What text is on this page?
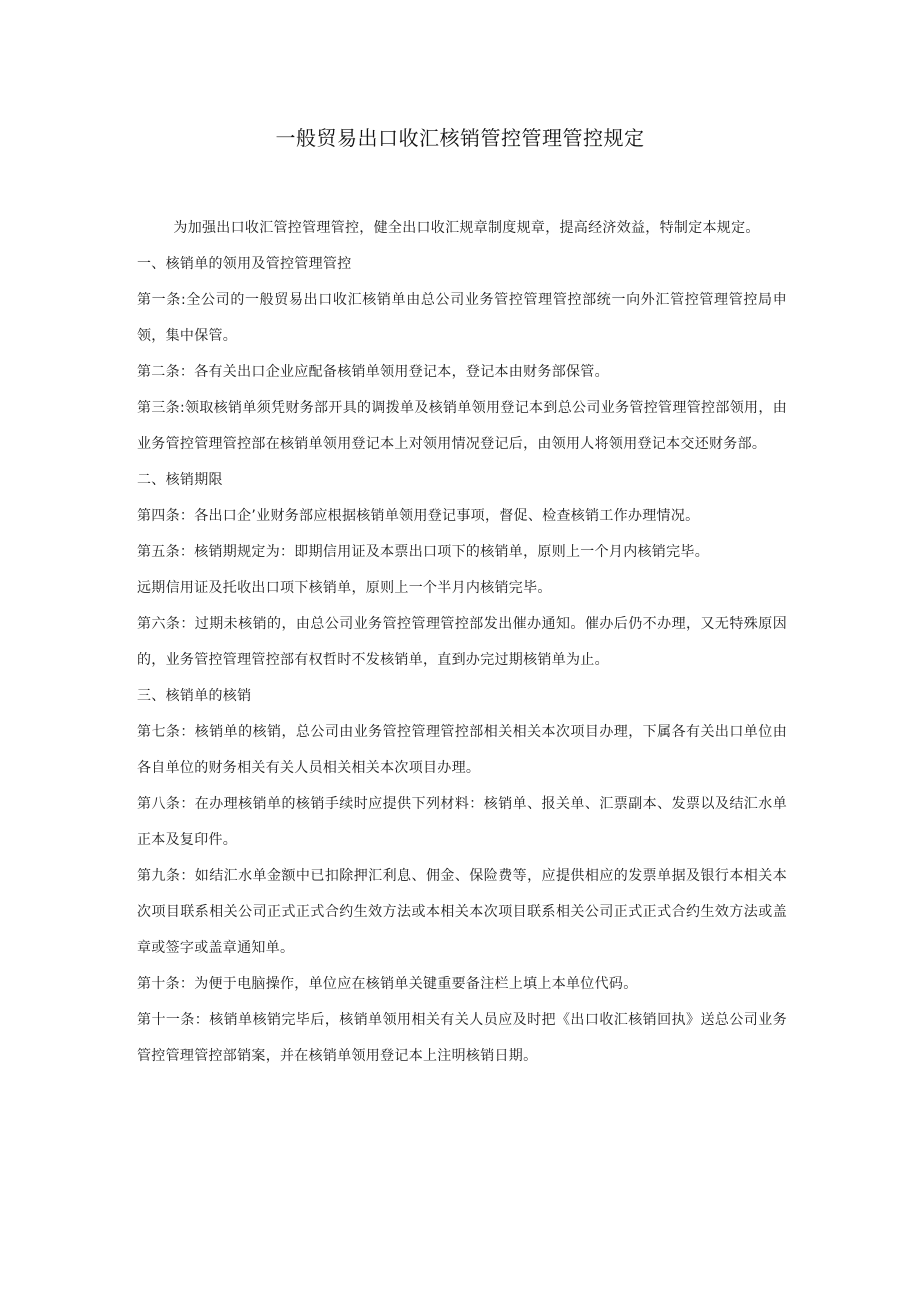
一般贸易出口收汇核销管控管理管控规定

为加强出口收汇管控管理管控，健全出口收汇规章制度规章，提高经济效益，特制定本规定。

一、核销单的领用及管控管理管控

第一条:全公司的一般贸易出口收汇核销单由总公司业务管控管理管控部统一向外汇管控管理管控局申领，集中保管。

第二条：各有关出口企业应配备核销单领用登记本，登记本由财务部保管。

第三条:领取核销单须凭财务部开具的调拨单及核销单领用登记本到总公司业务管控管理管控部领用，由业务管控管理管控部在核销单领用登记本上对领用情况登记后，由领用人将领用登记本交还财务部。

二、核销期限

第四条：各出口企’业财务部应根据核销单领用登记事项，督促、检查核销工作办理情况。

第五条：核销期规定为：即期信用证及本票出口项下的核销单，原则上一个月内核销完毕。

远期信用证及托收出口项下核销单，原则上一个半月内核销完毕。

第六条：过期未核销的，由总公司业务管控管理管控部发出催办通知。催办后仍不办理，又无特殊原因的，业务管控管理管控部有权哲时不发核销单，直到办完过期核销单为止。

三、核销单的核销

第七条：核销单的核销，总公司由业务管控管理管控部相关相关本次项目办理，下属各有关出口单位由各自单位的财务相关有关人员相关相关本次项目办理。

第八条：在办理核销单的核销手续时应提供下列材料：核销单、报关单、汇票副本、发票以及结汇水单正本及复印件。

第九条：如结汇水单金额中已扣除押汇利息、佣金、保险费等，应提供相应的发票单据及银行本相关本次项目联系相关公司正式正式合约生效方法或本相关本次项目联系相关公司正式正式合约生效方法或盖章或签字或盖章通知单。

第十条：为便于电脑操作，单位应在核销单关键重要备注栏上填上本单位代码。

第十一条：核销单核销完毕后，核销单领用相关有关人员应及时把《出口收汇核销回执》送总公司业务管控管理管控部销案，并在核销单领用登记本上注明核销日期。
